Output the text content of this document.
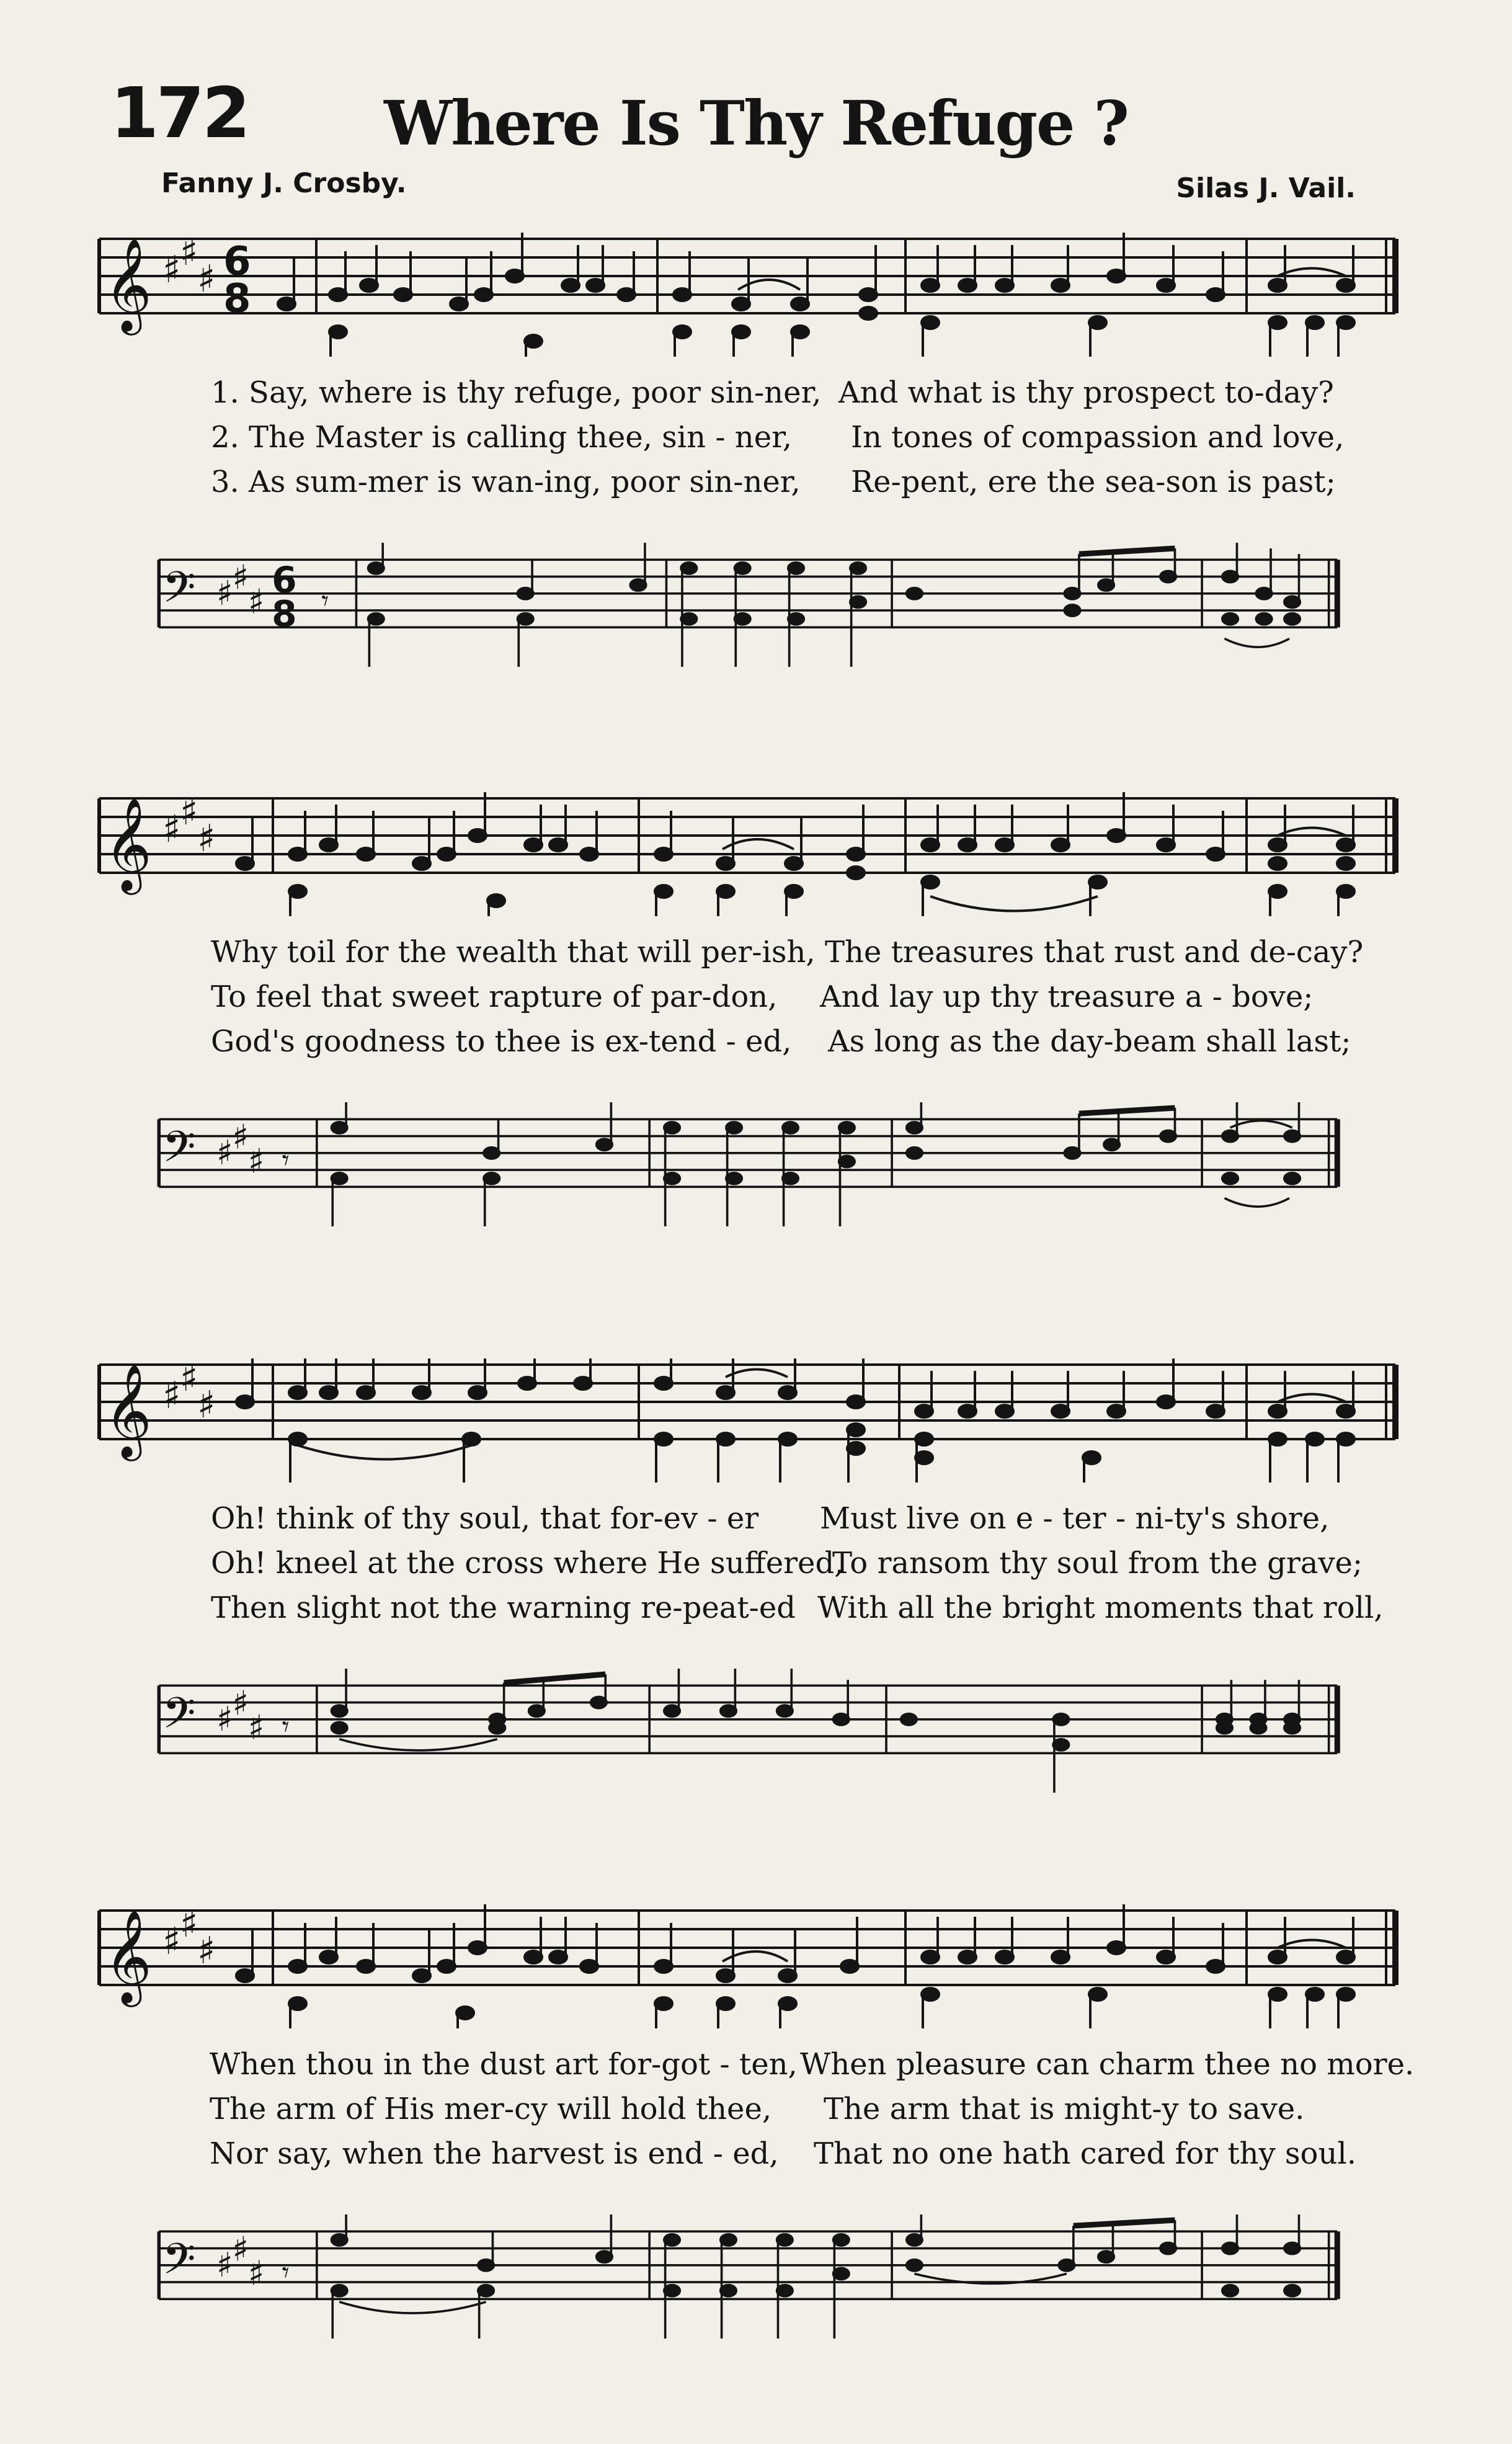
172	Where Is Thy Refuge ?
Fanny J. Crosby.	Silas J. Vail.
𝄞 ♯
♯
♯ 6
8
1. Say, where is thy refuge, poor sin-ner, And what is thy prospect to-day?
2. The Master is calling thee, sin - ner, In tones of compassion and love,
3. As sum-mer is wan-ing, poor sin-ner, Re-pent, ere the sea-son is past;
𝄢 ♯ ♯
♯
6
8 𝄾
𝄞 ♯
♯
♯
Why toil for the wealth that will per-ish, The treasures that rust and de-cay?
To feel that sweet rapture of par-don, And lay up thy treasure a - bove;
God's goodness to thee is ex-tend - ed, As long as the day-beam shall last;
𝄢 ♯ ♯
♯ 𝄾
𝄞 ♯
♯
♯
Oh! think of thy soul, that for-ev - er Must live on e - ter - ni-ty's shore,
Oh! kneel at the cross where He suffered,
To ransom thy soul from the grave;
Then slight not the warning re-peat-ed With all the bright moments that roll,
𝄢 ♯ ♯
♯ 𝄾
𝄞 ♯
♯
♯
When thou in the dust art for-got - ten, When pleasure can charm thee no more.
The arm of His mer-cy will hold thee, The arm that is might-y to save.
Nor say, when the harvest is end - ed, That no one hath cared for thy soul.
𝄢 ♯ ♯
♯ 𝄾
